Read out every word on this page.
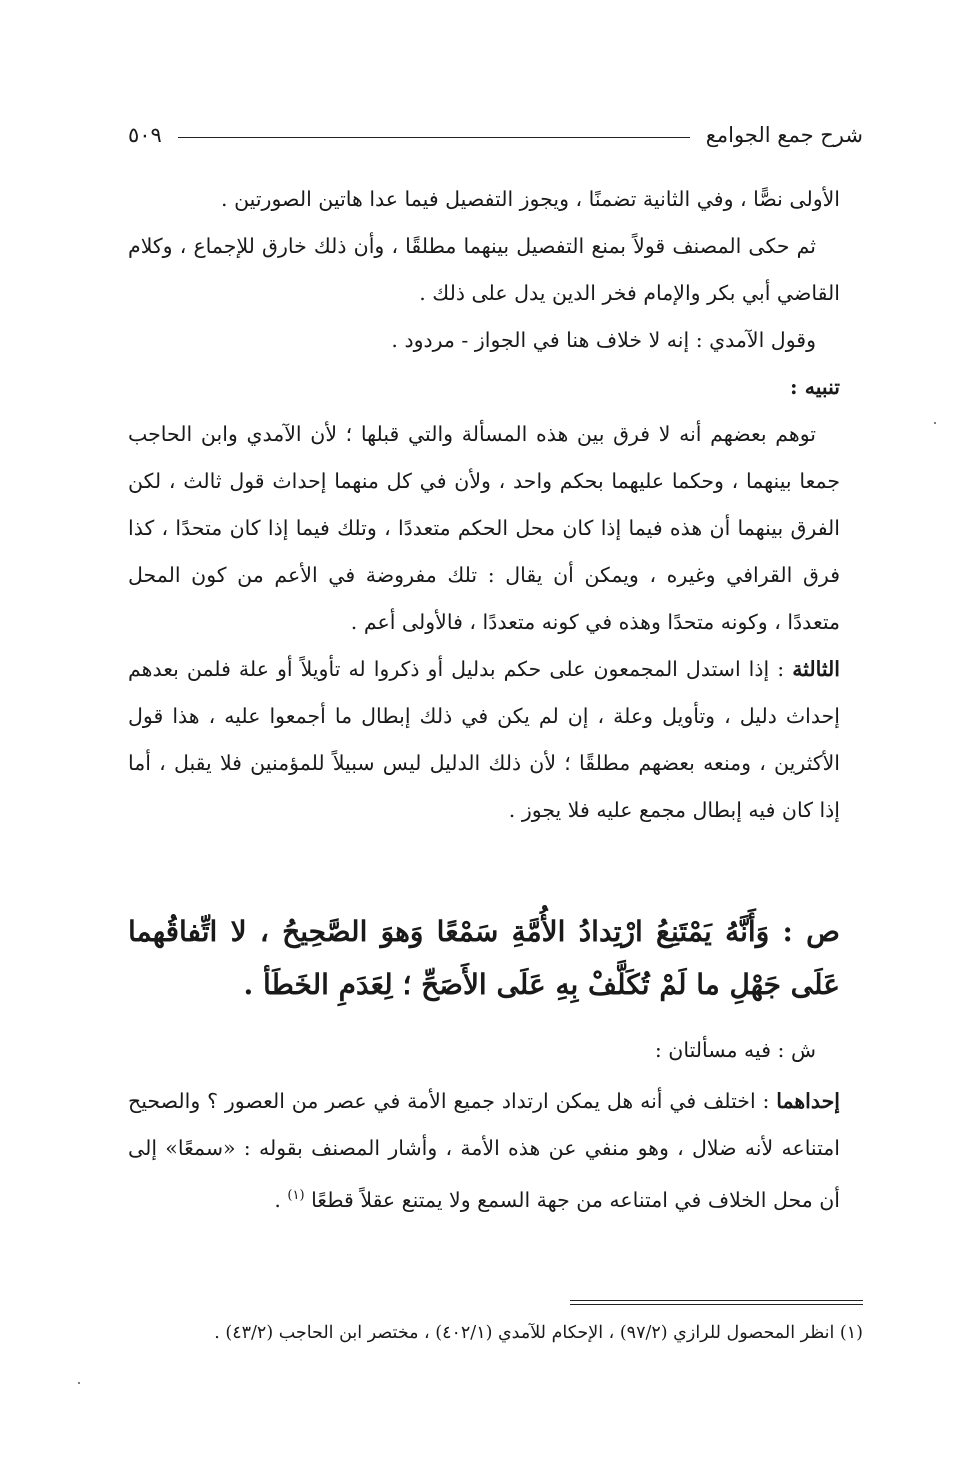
شرح جمع الجوامع
٥٠٩

الأولى نصًّا ، وفي الثانية تضمنًا ، ويجوز التفصيل فيما عدا هاتين الصورتين .

ثم حكى المصنف قولاً بمنع التفصيل بينهما مطلقًا ، وأن ذلك خارق للإجماع ، وكلام القاضي أبي بكر والإمام فخر الدين يدل على ذلك .

وقول الآمدي : إنه لا خلاف هنا في الجواز - مردود .

تنبيه :

توهم بعضهم أنه لا فرق بين هذه المسألة والتي قبلها ؛ لأن الآمدي وابن الحاجب جمعا بينهما ، وحكما عليهما بحكم واحد ، ولأن في كل منهما إحداث قول ثالث ، لكن الفرق بينهما أن هذه فيما إذا كان محل الحكم متعددًا ، وتلك فيما إذا كان متحدًا ، كذا فرق القرافي وغيره ، ويمكن أن يقال : تلك مفروضة في الأعم من كون المحل متعددًا ، وكونه متحدًا وهذه في كونه متعددًا ، فالأولى أعم .

الثالثة : إذا استدل المجمعون على حكم بدليل أو ذكروا له تأويلاً أو علة فلمن بعدهم إحداث دليل ، وتأويل وعلة ، إن لم يكن في ذلك إبطال ما أجمعوا عليه ، هذا قول الأكثرين ، ومنعه بعضهم مطلقًا ؛ لأن ذلك الدليل ليس سبيلاً للمؤمنين فلا يقبل ، أما إذا كان فيه إبطال مجمع عليه فلا يجوز .

ص : وَأَنَّهُ يَمْتَنِعُ ارْتِدادُ الأُمَّةِ سَمْعًا وَهوَ الصَّحِيحُ ، لا اتِّفاقُهما عَلَى جَهْلِ ما لَمْ تُكَلَّفْ بِهِ عَلَى الأَصَحِّ ؛ لِعَدَمِ الخَطَأ .

ش : فيه مسألتان :

إحداهما : اختلف في أنه هل يمكن ارتداد جميع الأمة في عصر من العصور ؟ والصحيح امتناعه لأنه ضلال ، وهو منفي عن هذه الأمة ، وأشار المصنف بقوله : «سمعًا» إلى أن محل الخلاف في امتناعه من جهة السمع ولا يمتنع عقلاً قطعًا $^{(١)}$ .

(١) انظر المحصول للرازي (٩٧/٢) ، الإحكام للآمدي (٤٠٢/١) ، مختصر ابن الحاجب (٤٣/٢) .
